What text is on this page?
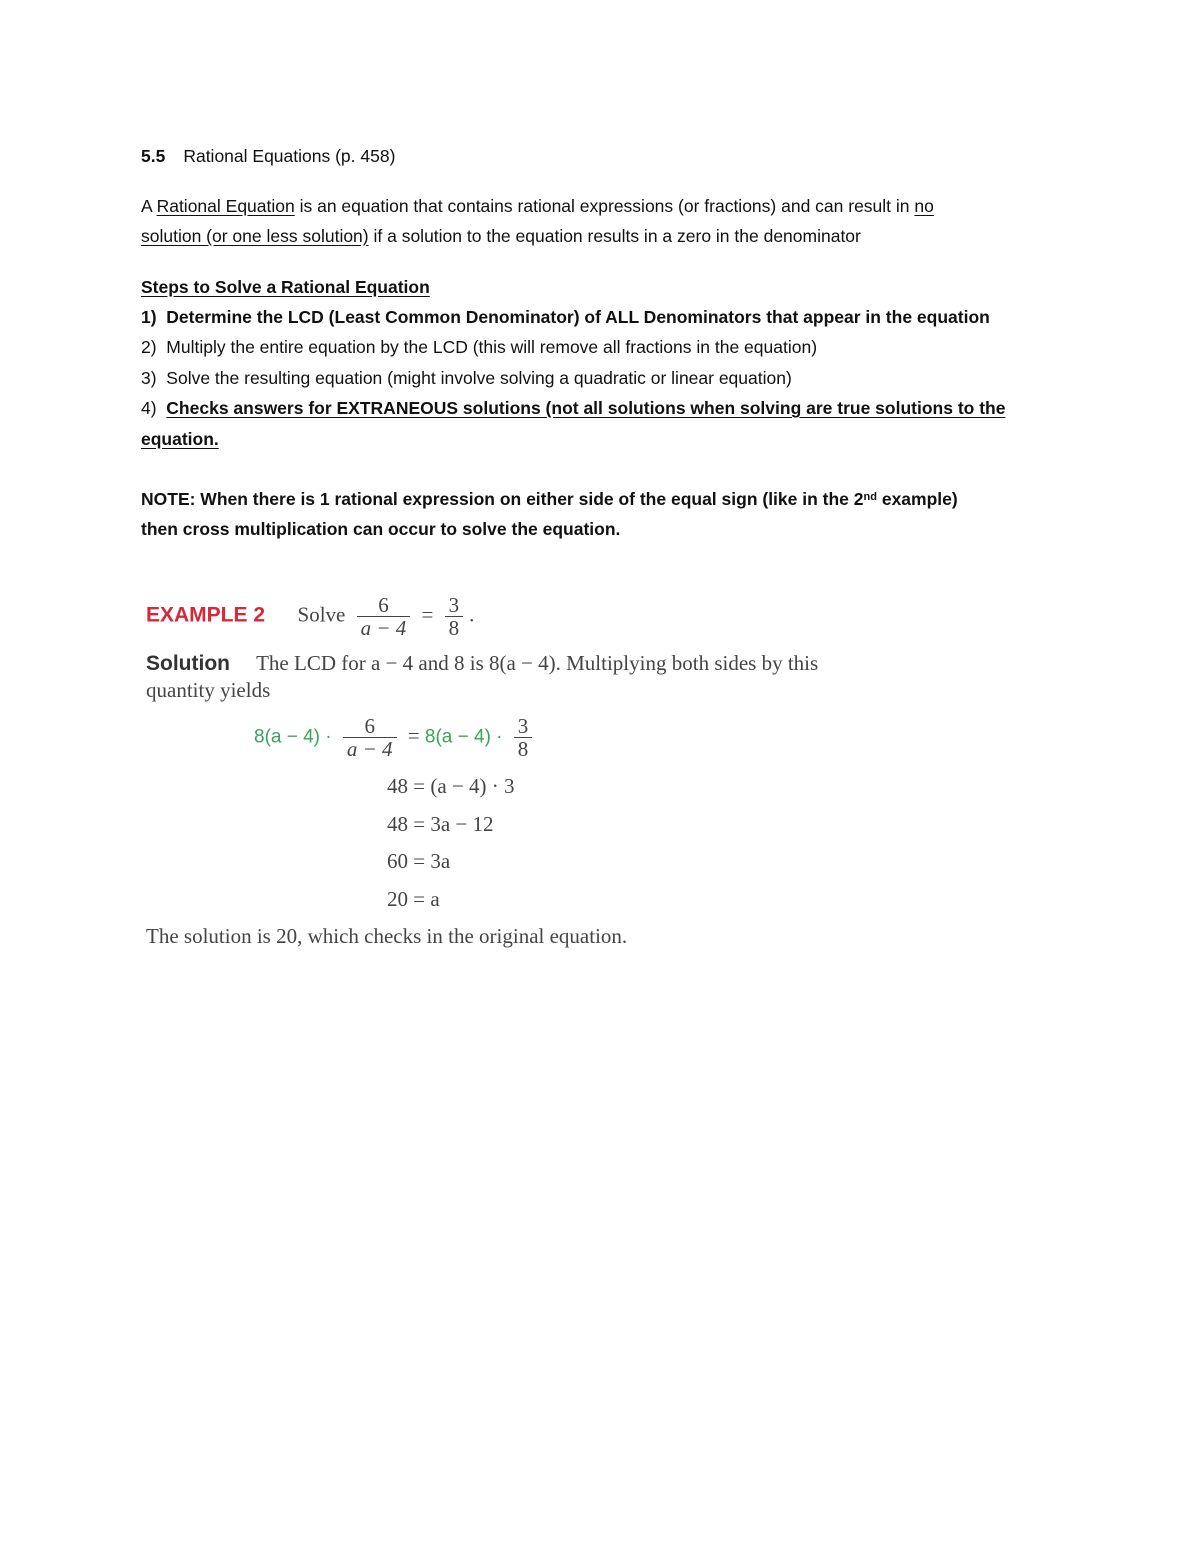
5.5 Rational Equations (p. 458)
A Rational Equation is an equation that contains rational expressions (or fractions) and can result in no
solution (or one less solution) if a solution to the equation results in a zero in the denominator
Steps to Solve a Rational Equation
1) Determine the LCD (Least Common Denominator) of ALL Denominators that appear in the equation
2) Multiply the entire equation by the LCD (this will remove all fractions in the equation)
3) Solve the resulting equation (might involve solving a quadratic or linear equation)
4) Checks answers for EXTRANEOUS solutions (not all solutions when solving are true solutions to the
equation.
NOTE: When there is 1 rational expression on either side of the equal sign (like in the 2nd example)
then cross multiplication can occur to solve the equation.
EXAMPLE 2 Solve $\frac{6}{a - 4} = \frac{3}{8}$ .
Solution The LCD for a − 4 and 8 is 8(a − 4). Multiplying both sides by this
quantity yields
$8(a - 4) \cdot \frac{6}{a - 4} = 8(a - 4) \cdot \frac{3}{8}$
48 = (a − 4) · 3
48 = 3a − 12
60 = 3a
20 = a
The solution is 20, which checks in the original equation.
